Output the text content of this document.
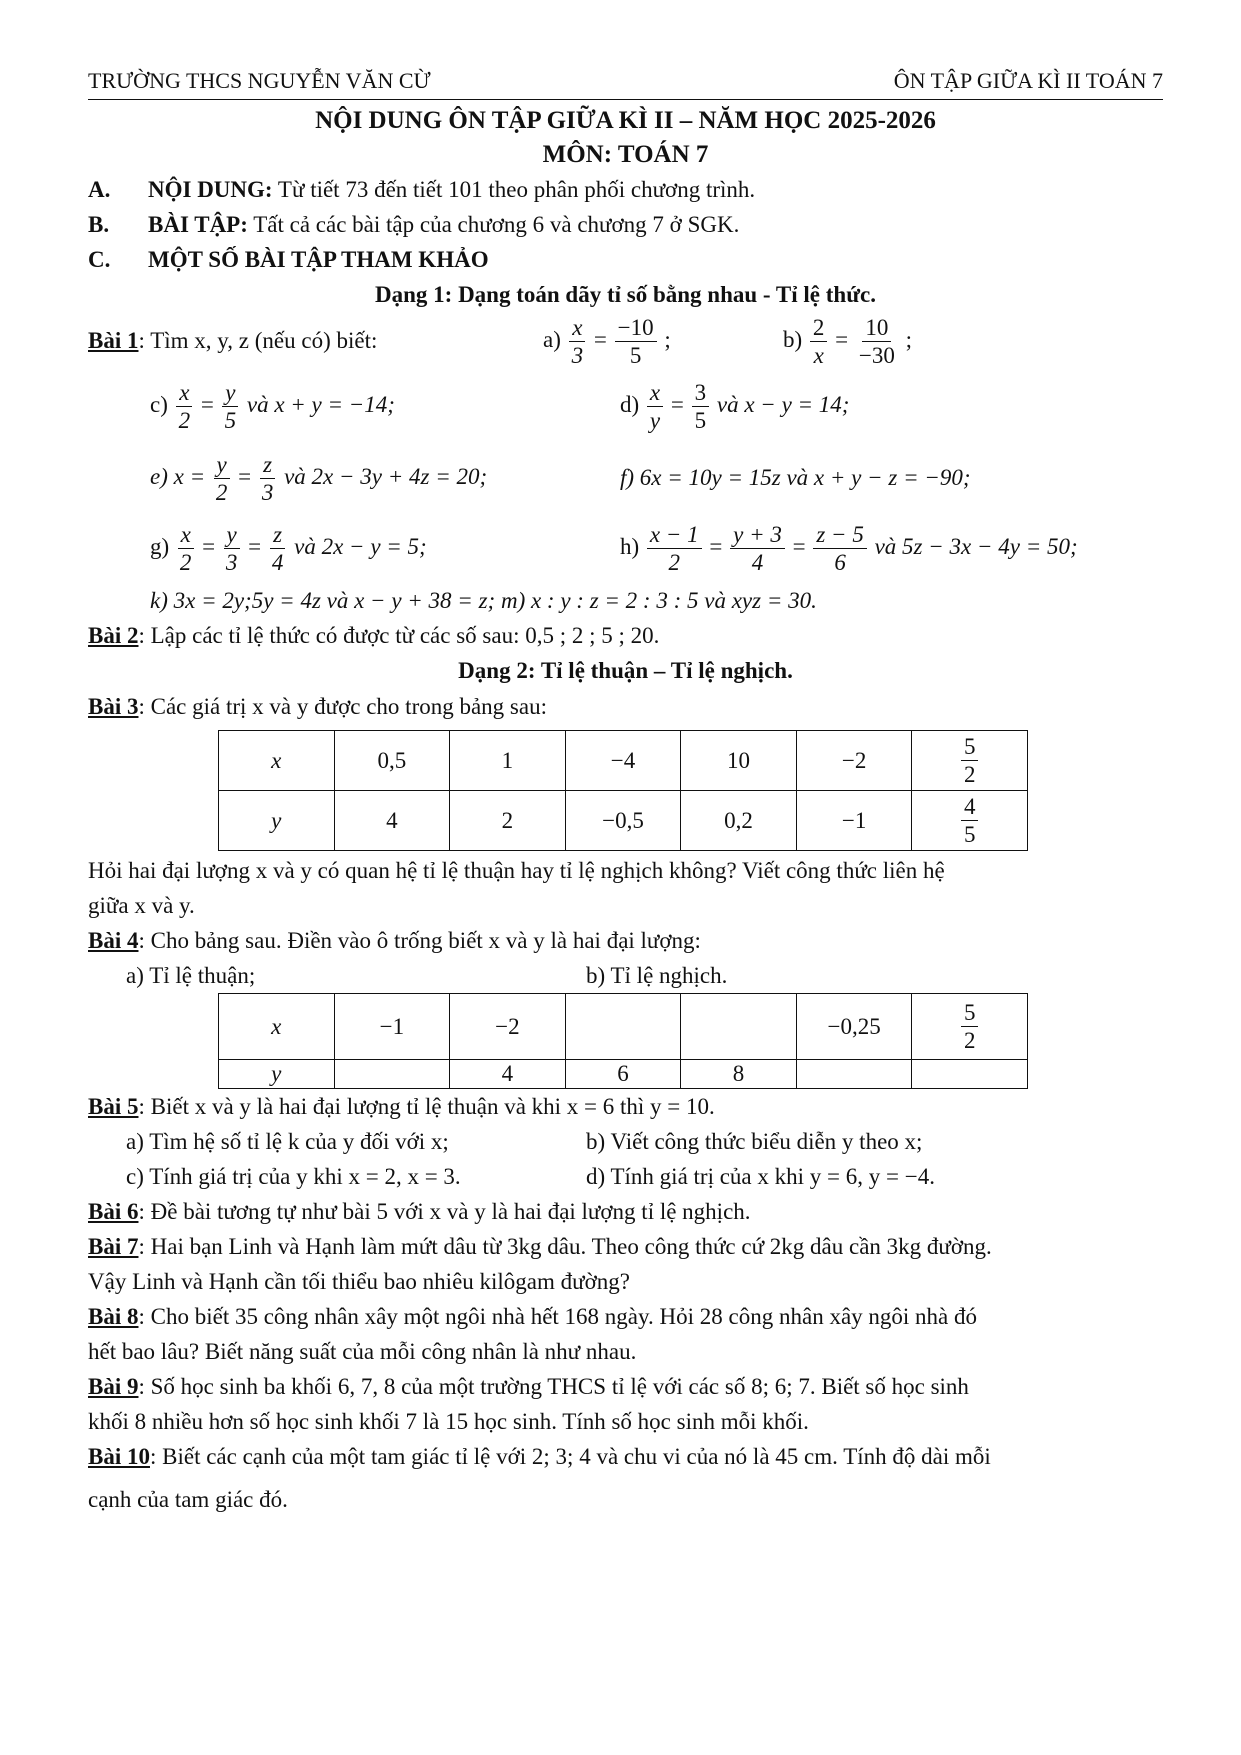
TRƯỜNG THCS NGUYỄN VĂN CỪ	ÔN TẬP GIỮA KÌ II TOÁN 7
NỘI DUNG ÔN TẬP GIỮA KÌ II – NĂM HỌC 2025-2026
MÔN: TOÁN 7
A.	NỘI DUNG: Từ tiết 73 đến tiết 101 theo phân phối chương trình.
B.	BÀI TẬP: Tất cả các bài tập của chương 6 và chương 7 ở SGK.
C.	MỘT SỐ BÀI TẬP THAM KHẢO
Dạng 1: Dạng toán dãy tỉ số bằng nhau - Tỉ lệ thức.
Bài 1: Tìm x, y, z (nếu có) biết:	$a) \frac{x}{3} = \frac{-10}{5}$ ;	$b) \frac{2}{x} = \frac{10}{-30}$ ;
$c) \frac{x}{2} = \frac{y}{5}$ và x + y = −14;	$d) \frac{x}{y} = \frac{3}{5}$ và x − y = 14;
e) $x = \frac{y}{2} = \frac{z}{3}$ và 2x − 3y + 4z = 20;	f) 6x = 10y = 15z và x + y − z = −90;
$g) \frac{x}{2} = \frac{y}{3} = \frac{z}{4}$ và 2x − y = 5;	$h) \frac{x - 1}{2} = \frac{y + 3}{4} = \frac{z - 5}{6}$ và 5z − 3x − 4y = 50;
k) 3x = 2y;5y = 4z và x − y + 38 = z; m) x : y : z = 2 : 3 : 5 và xyz = 30.
Bài 2: Lập các tỉ lệ thức có được từ các số sau: 0,5 ; 2 ; 5 ; 20.
Dạng 2: Tỉ lệ thuận – Tỉ lệ nghịch.
Bài 3: Các giá trị x và y được cho trong bảng sau:
x	0,5	1	−4	10	−2	$\frac{5}{2}$

y	4	2	−0,5	0,2	−1	$\frac{4}{5}$
Hỏi hai đại lượng x và y có quan hệ tỉ lệ thuận hay tỉ lệ nghịch không? Viết công thức liên hệ
giữa x và y.
Bài 4: Cho bảng sau. Điền vào ô trống biết x và y là hai đại lượng:
a) Tỉ lệ thuận;	b) Tỉ lệ nghịch.
x	−1	−2			−0,25	$\frac{5}{2}$

y		4	6	8		
Bài 5: Biết x và y là hai đại lượng tỉ lệ thuận và khi x = 6 thì y = 10.
a) Tìm hệ số tỉ lệ k của y đối với x;	b) Viết công thức biểu diễn y theo x;
c) Tính giá trị của y khi x = 2, x = 3.	d) Tính giá trị của x khi y = 6, y = −4.
Bài 6: Đề bài tương tự như bài 5 với x và y là hai đại lượng tỉ lệ nghịch.
Bài 7: Hai bạn Linh và Hạnh làm mứt dâu từ 3kg dâu. Theo công thức cứ 2kg dâu cần 3kg đường.
Vậy Linh và Hạnh cần tối thiểu bao nhiêu kilôgam đường?
Bài 8: Cho biết 35 công nhân xây một ngôi nhà hết 168 ngày. Hỏi 28 công nhân xây ngôi nhà đó
hết bao lâu? Biết năng suất của mỗi công nhân là như nhau.
Bài 9: Số học sinh ba khối 6, 7, 8 của một trường THCS tỉ lệ với các số 8; 6; 7. Biết số học sinh
khối 8 nhiều hơn số học sinh khối 7 là 15 học sinh. Tính số học sinh mỗi khối.
Bài 10: Biết các cạnh của một tam giác tỉ lệ với 2; 3; 4 và chu vi của nó là 45 cm. Tính độ dài mỗi
cạnh của tam giác đó.
